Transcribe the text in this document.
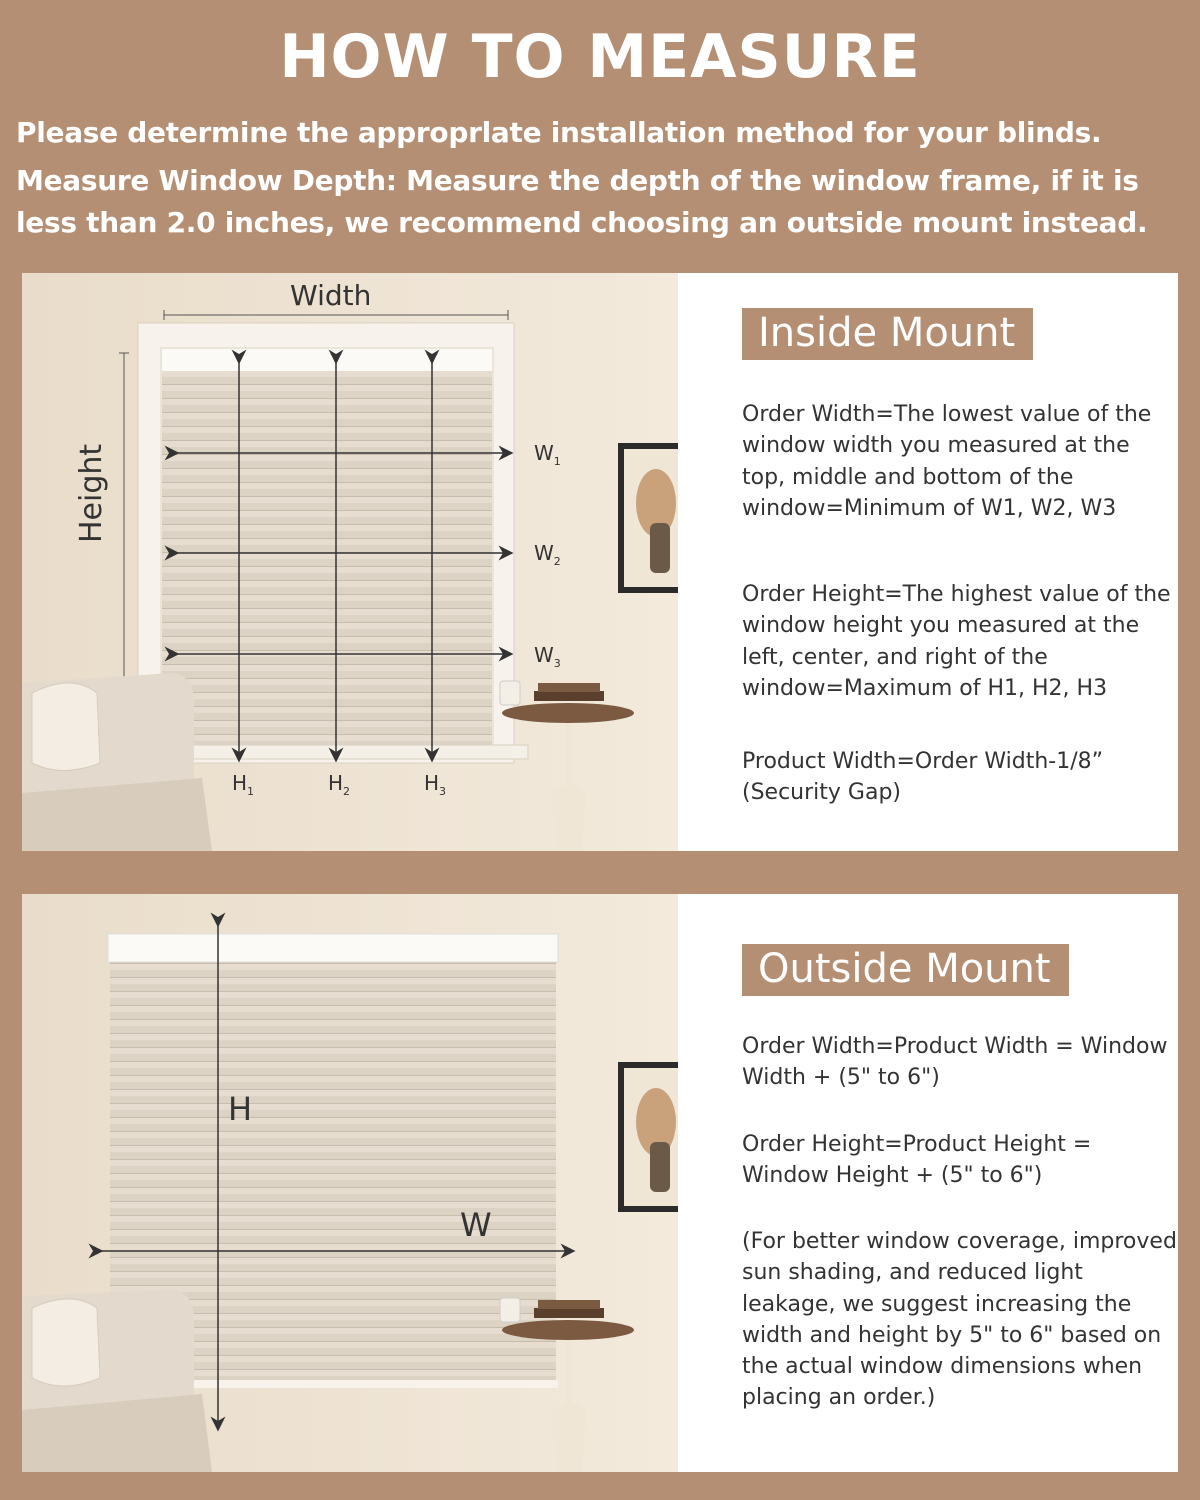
HOW TO MEASURE

Please determine the approprlate installation method for your blinds.

Measure Window Depth: Measure the depth of the window frame, if it is less than 2.0 inches, we recommend choosing an outside mount instead.

Width
Height	$W_1$
$W_2$
$W_3$
$H_1$	$H_2$	$H_3$
Inside Mount

Order Width=The lowest value of the window width you measured at the top, middle and bottom of the window=Minimum of W1, W2, W3

Order Height=The highest value of the window height you measured at the left, center, and right of the window=Maximum of H1, H2, H3

Product Width=Order Width-1/8” (Security Gap)

H
W
Outside Mount

Order Width=Product Width = Window Width + (5" to 6")

Order Height=Product Height = Window Height + (5" to 6")

(For better window coverage, improved sun shading, and reduced light leakage, we suggest increasing the width and height by 5" to 6" based on the actual window dimensions when placing an order.)
